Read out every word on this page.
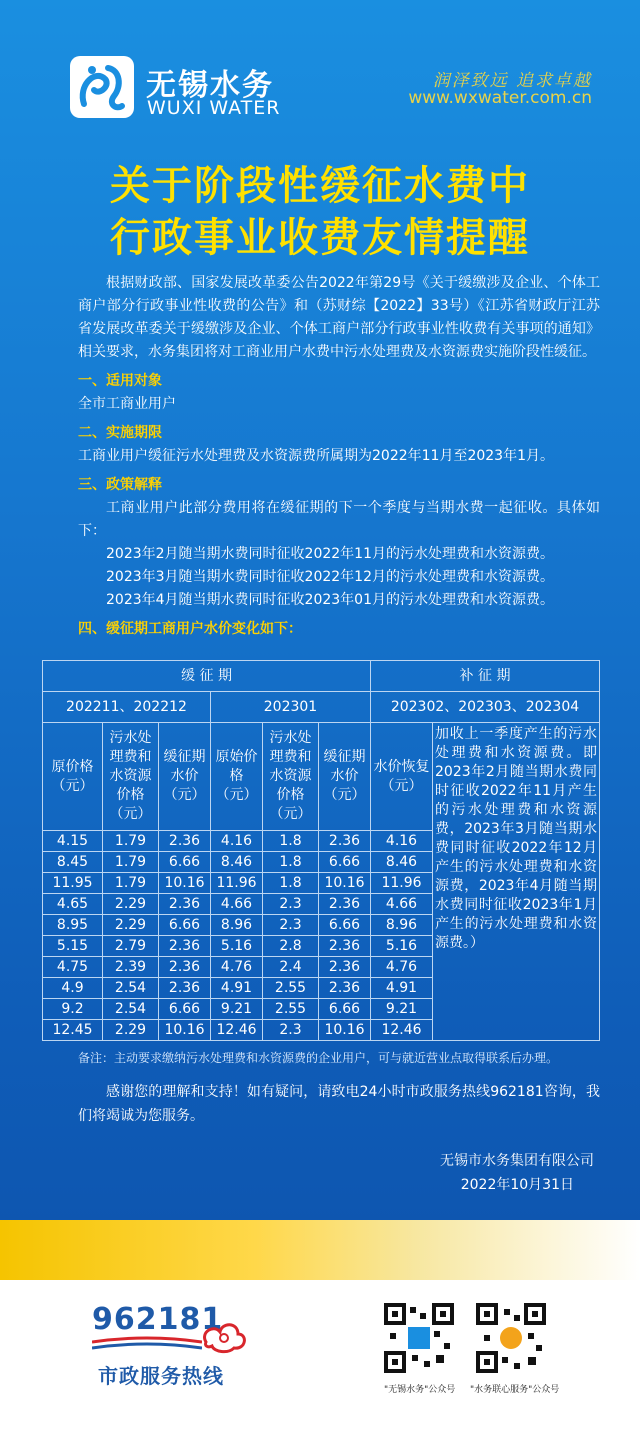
无锡水务
WUXI WATER
润泽致远 追求卓越
www.wxwater.com.cn
关于阶段性缓征水费中
行政事业收费友情提醒

根据财政部、国家发展改革委公告2022年第29号《关于缓缴涉及企业、个体工商户部分行政事业性收费的公告》和（苏财综【2022】33号）《江苏省财政厅江苏省发展改革委关于缓缴涉及企业、个体工商户部分行政事业性收费有关事项的通知》相关要求，水务集团将对工商业用户水费中污水处理费及水资源费实施阶段性缓征。

一、适用对象

全市工商业用户

二、实施期限

工商业用户缓征污水处理费及水资源费所属期为2022年11月至2023年1月。

三、政策解释

工商业用户此部分费用将在缓征期的下一个季度与当期水费一起征收。具体如下：

2023年2月随当期水费同时征收2022年11月的污水处理费和水资源费。

2023年3月随当期水费同时征收2022年12月的污水处理费和水资源费。

2023年4月随当期水费同时征收2023年01月的污水处理费和水资源费。

四、缓征期工商用户水价变化如下：

缓 征 期						补 征 期	
202211、202212			202301			202302、202303、202304	
原价格（元）	污水处理费和水资源价格（元）	缓征期水价（元）	原始价格（元）	污水处理费和水资源价格（元）	缓征期水价（元）	水价恢复（元）	加收上一季度产生的污水处理费和水资源费。即2023年2月随当期水费同时征收2022年11月产生的污水处理费和水资源费，2023年3月随当期水费同时征收2022年12月产生的污水处理费和水资源费，2023年4月随当期水费同时征收2023年1月产生的污水处理费和水资源费。）
4.15	1.79	2.36	4.16	1.8	2.36	4.16	
8.45	1.79	6.66	8.46	1.8	6.66	8.46	
11.95	1.79	10.16	11.96	1.8	10.16	11.96	
4.65	2.29	2.36	4.66	2.3	2.36	4.66	
8.95	2.29	6.66	8.96	2.3	6.66	8.96	
5.15	2.79	2.36	5.16	2.8	2.36	5.16	
4.75	2.39	2.36	4.76	2.4	2.36	4.76	
4.9	2.54	2.36	4.91	2.55	2.36	4.91	
9.2	2.54	6.66	9.21	2.55	6.66	9.21	
12.45	2.29	10.16	12.46	2.3	10.16	12.46	
备注：主动要求缴纳污水处理费和水资源费的企业用户，可与就近营业点取得联系后办理。
感谢您的理解和支持！如有疑问，请致电24小时市政服务热线962181咨询，我们将竭诚为您服务。
无锡市水务集团有限公司
2022年10月31日
962181
市政服务热线
"无锡水务"公众号 "水务联心服务"公众号
